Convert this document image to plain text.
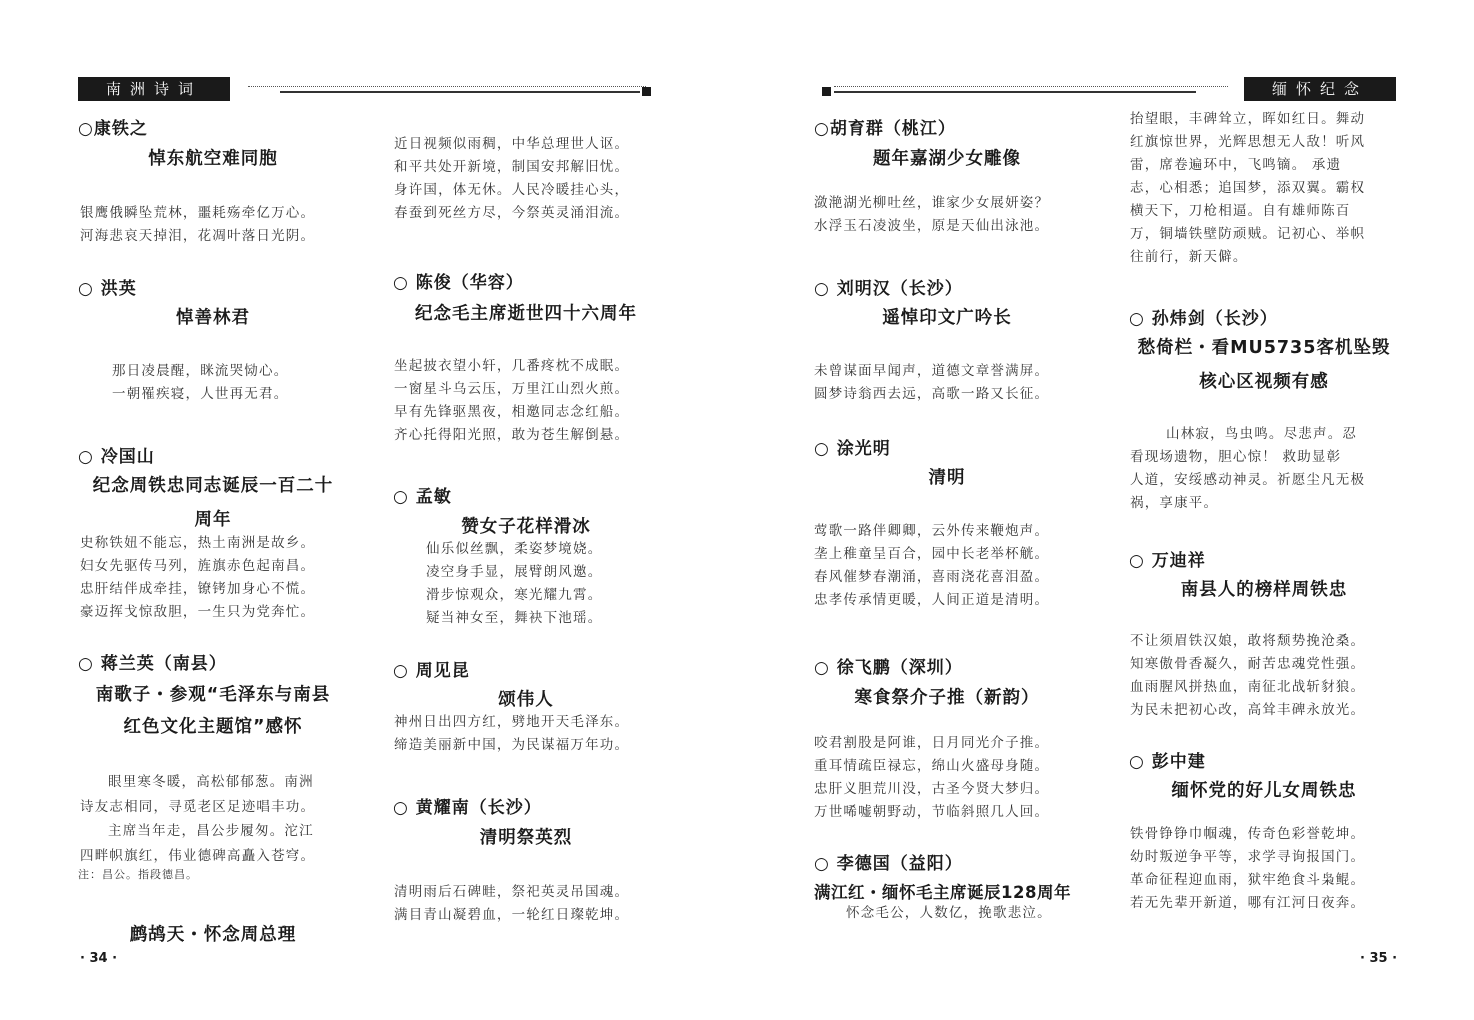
南洲诗词
○康铁之
悼东航空难同胞
银鹰俄瞬坠荒林，噩耗殇牵亿万心。
河海悲哀天掉泪，花凋叶落日光阴。
○ 洪英
悼善林君
那日凌晨醒，眯流哭恸心。
一朝罹疾寝，人世再无君。
○ 冷国山
纪念周铁忠同志诞辰一百二十
周年
史称铁妞不能忘，热土南洲是故乡。
妇女先驱传马列，旌旗赤色起南昌。
忠肝结伴成牵挂，镣铐加身心不慌。
豪迈挥戈惊敌胆，一生只为党奔忙。
○ 蒋兰英（南县）
南歌子・参观“毛泽东与南县
红色文化主题馆”感怀
眼里寒冬暖，高松郁郁葱。南洲
诗友志相同，寻觅老区足迹唱丰功。
主席当年走，昌公步履匆。沱江
四畔帜旗红，伟业德碑高矗入苍穹。
注：昌公。指段德昌。
鹧鸪天・怀念周总理
近日视频似雨稠，中华总理世人讴。
和平共处开新境，制国安邦解旧忧。
身许国，体无休。人民冷暖挂心头，
春蚕到死丝方尽，今祭英灵涌泪流。
○ 陈俊（华容）
纪念毛主席逝世四十六周年
坐起披衣望小轩，几番疼枕不成眠。
一窗星斗乌云压，万里江山烈火煎。
早有先锋驱黑夜，相邀同志念红船。
齐心托得阳光照，敢为苍生解倒悬。
○ 孟敏
赞女子花样滑冰
仙乐似丝飘，柔姿梦境娆。
凌空身手显，展臂朗风邀。
滑步惊观众，寒光耀九霄。
疑当神女至，舞袂下池瑶。
○ 周见昆
颂伟人
神州日出四方红，劈地开天毛泽东。
缔造美丽新中国，为民谋福万年功。
○ 黄耀南（长沙）
清明祭英烈
清明雨后石碑畦，祭祀英灵吊国魂。
满目青山凝碧血，一轮红日璨乾坤。
· 34 ·
缅怀纪念
○胡育群（桃江）
题年嘉湖少女雕像
潋滟湖光柳吐丝，谁家少女展妍姿？
水浮玉石凌波坐，原是天仙出泳池。
○ 刘明汉（长沙）
遥悼印文广吟长
未曾谋面早闻声，道德文章誉满屏。
圆梦诗翁西去远，高歌一路又长征。
○ 涂光明
清明
莺歌一路伴卿卿，云外传来鞭炮声。
垄上稚童呈百合，园中长老举杯觥。
春风催梦春潮涌，喜雨浇花喜泪盈。
忠孝传承情更暖，人间正道是清明。
○ 徐飞鹏（深圳）
寒食祭介子推（新韵）
咬君割股是阿谁，日月同光介子推。
重耳情疏臣禄忘，绵山火盛母身随。
忠肝义胆荒川没，古圣今贤大梦归。
万世唏嘘朝野动，节临斜照几人回。
○ 李德国（益阳）
满江红・缅怀毛主席诞辰128周年
怀念毛公，人数亿，挽歌悲泣。
抬望眼，丰碑耸立，晖如红日。舞动
红旗惊世界，光辉思想无人敌！听风
雷，席卷遍环中，飞鸣镝。 承遗
志，心相悉；追国梦，添双翼。霸权
横天下，刀枪相逼。自有雄师陈百
万，铜墙铁壁防顽贼。记初心、举帜
往前行，新天僻。
○ 孙炜剑（长沙）
愁倚栏・看MU5735客机坠毁
核心区视频有感
山林寂，鸟虫鸣。尽悲声。忍
看现场遗物，胆心惊！ 救助显彰
人道，安绥感动神灵。祈愿尘凡无极
祸，享康平。
○ 万迪祥
南县人的榜样周铁忠
不让须眉铁汉娘，敢将颓势挽沧桑。
知寒傲骨香凝久，耐苦忠魂党性强。
血雨腥风拼热血，南征北战斩豺狼。
为民未把初心改，高耸丰碑永放光。
○ 彭中建
缅怀党的好儿女周铁忠
铁骨铮铮巾帼魂，传奇色彩誉乾坤。
幼时叛逆争平等，求学寻询报国门。
革命征程迎血雨，狱牢绝食斗枭鲲。
若无先辈开新道，哪有江河日夜奔。
· 35 ·
